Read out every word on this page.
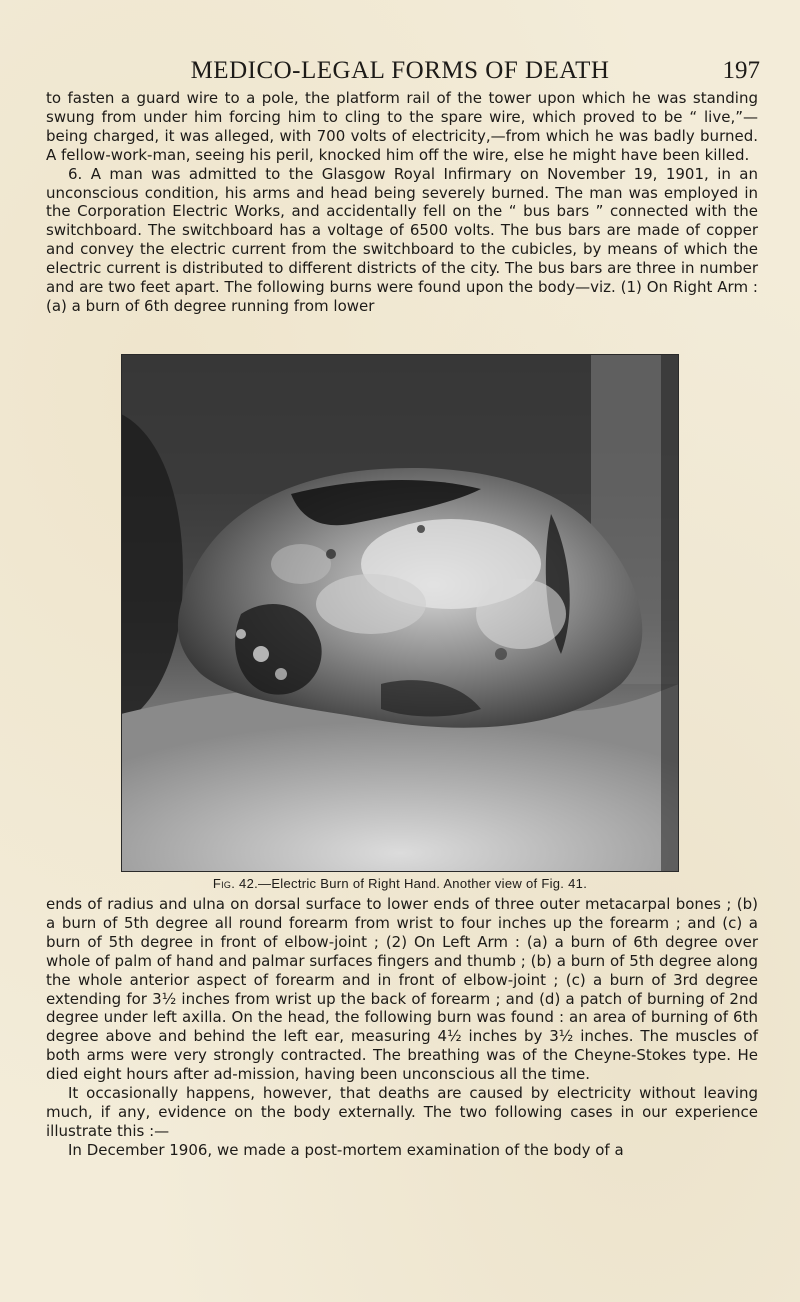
MEDICO-LEGAL FORMS OF DEATH	197

to fasten a guard wire to a pole, the platform rail of the tower upon which he was standing swung from under him forcing him to cling to the spare wire, which proved to be “ live,”—being charged, it was alleged, with 700 volts of electricity,—from which he was badly burned. A fellow-work-man, seeing his peril, knocked him off the wire, else he might have been killed.

6. A man was admitted to the Glasgow Royal Infirmary on November 19, 1901, in an unconscious condition, his arms and head being severely burned. The man was employed in the Corporation Electric Works, and accidentally fell on the “ bus bars ” connected with the switchboard. The switchboard has a voltage of 6500 volts. The bus bars are made of copper and convey the electric current from the switchboard to the cubicles, by means of which the electric current is distributed to different districts of the city. The bus bars are three in number and are two feet apart. The following burns were found upon the body—viz. (1) On Right Arm : (a) a burn of 6th degree running from lower

Fig. 42.—Electric Burn of Right Hand. Another view of Fig. 41.

ends of radius and ulna on dorsal surface to lower ends of three outer metacarpal bones ; (b) a burn of 5th degree all round forearm from wrist to four inches up the forearm ; and (c) a burn of 5th degree in front of elbow-joint ; (2) On Left Arm : (a) a burn of 6th degree over whole of palm of hand and palmar surfaces fingers and thumb ; (b) a burn of 5th degree along the whole anterior aspect of forearm and in front of elbow-joint ; (c) a burn of 3rd degree extending for 3½ inches from wrist up the back of forearm ; and (d) a patch of burning of 2nd degree under left axilla. On the head, the following burn was found : an area of burning of 6th degree above and behind the left ear, measuring 4½ inches by 3½ inches. The muscles of both arms were very strongly contracted. The breathing was of the Cheyne-Stokes type. He died eight hours after ad-mission, having been unconscious all the time.

It occasionally happens, however, that deaths are caused by electricity without leaving much, if any, evidence on the body externally. The two following cases in our experience illustrate this :—

In December 1906, we made a post-mortem examination of the body of a
